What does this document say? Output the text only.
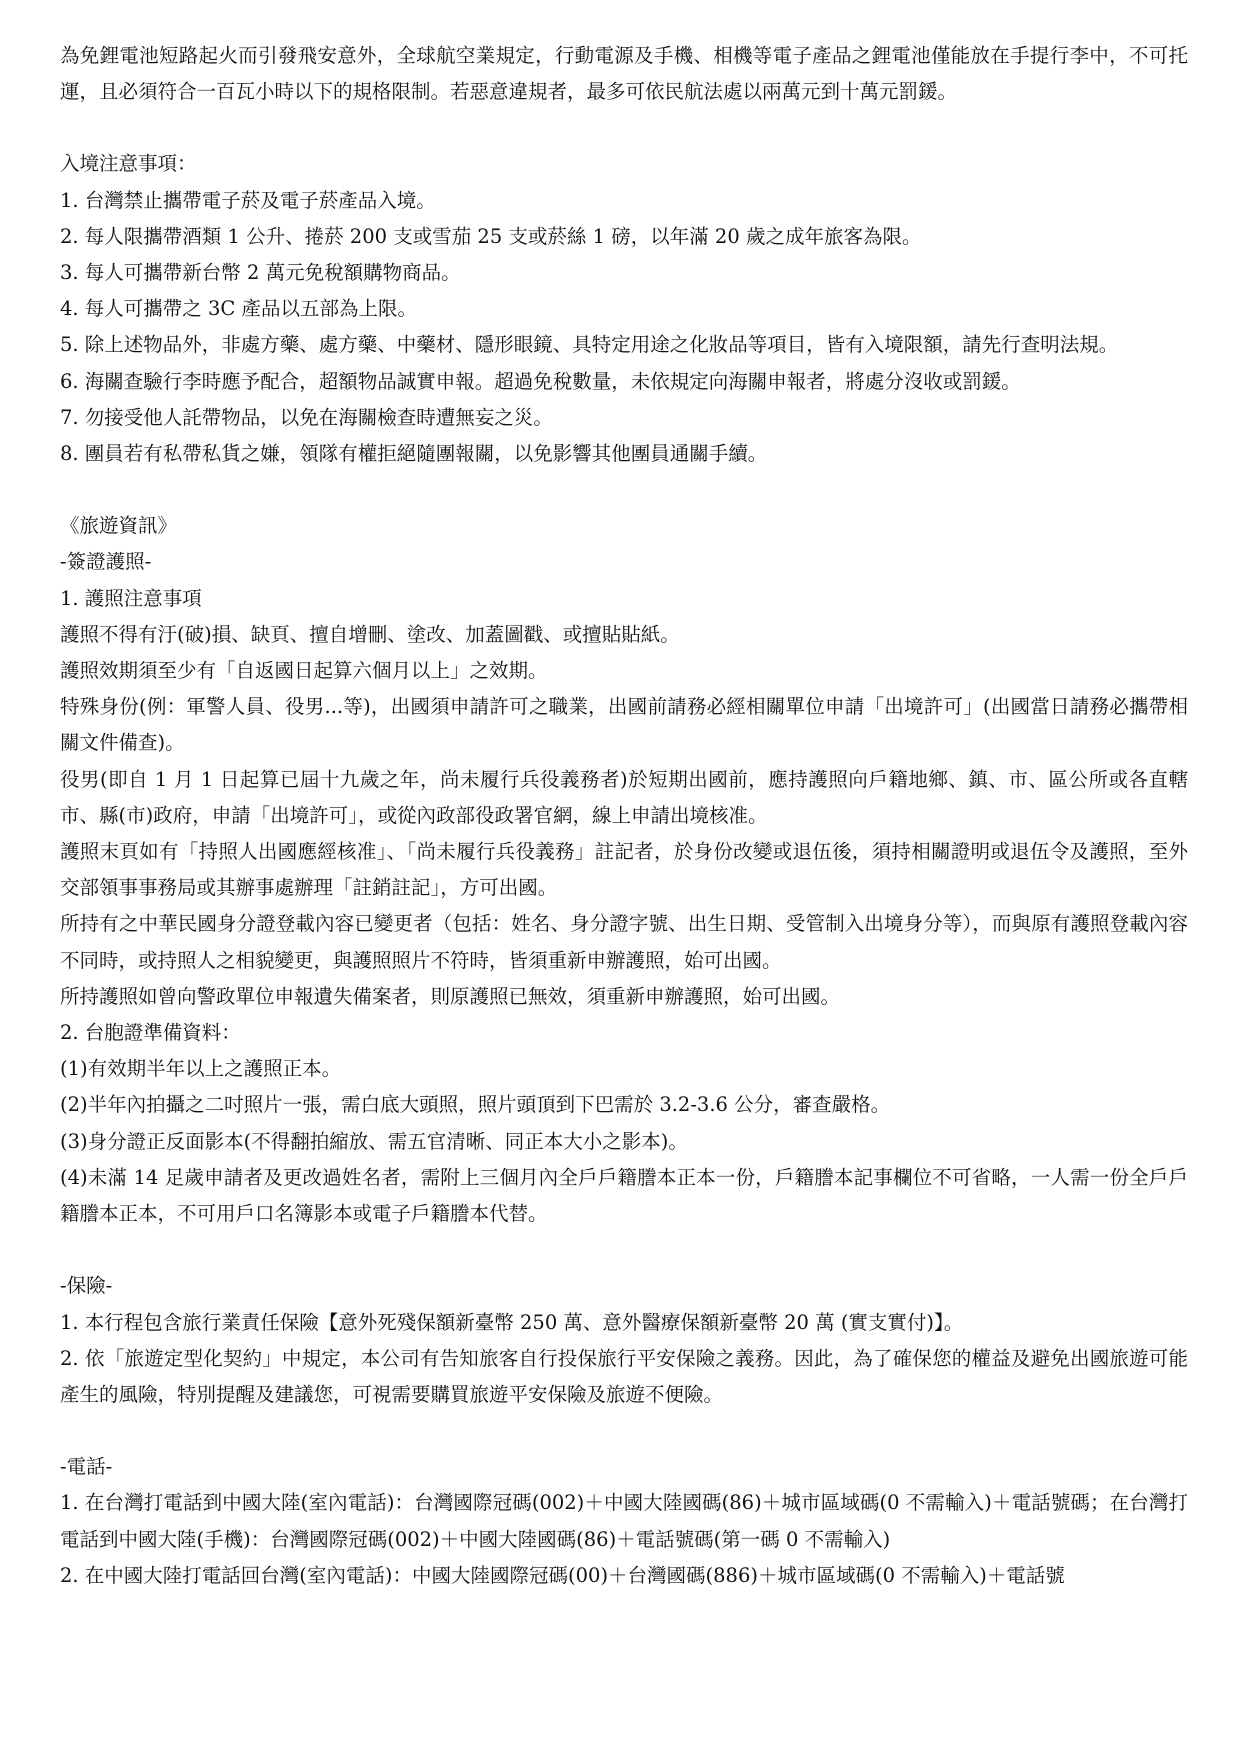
為免鋰電池短路起火而引發飛安意外，全球航空業規定，行動電源及手機、相機等電子產品之鋰電池僅能放在手提行李中，不可托運，且必須符合一百瓦小時以下的規格限制。若惡意違規者，最多可依民航法處以兩萬元到十萬元罰鍰。
入境注意事項：
1. 台灣禁止攜帶電子菸及電子菸產品入境。
2. 每人限攜帶酒類 1 公升、捲菸 200 支或雪茄 25 支或菸絲 1 磅，以年滿 20 歲之成年旅客為限。
3. 每人可攜帶新台幣 2 萬元免稅額購物商品。
4. 每人可攜帶之 3C 產品以五部為上限。
5. 除上述物品外，非處方藥、處方藥、中藥材、隱形眼鏡、具特定用途之化妝品等項目，皆有入境限額，請先行查明法規。
6. 海關查驗行李時應予配合，超額物品誠實申報。超過免稅數量，未依規定向海關申報者，將處分沒收或罰鍰。
7. 勿接受他人託帶物品，以免在海關檢查時遭無妄之災。
8. 團員若有私帶私貨之嫌，領隊有權拒絕隨團報關，以免影響其他團員通關手續。
《旅遊資訊》
-簽證護照-
1. 護照注意事項
護照不得有汙(破)損、缺頁、擅自增刪、塗改、加蓋圖戳、或擅貼貼紙。
護照效期須至少有「自返國日起算六個月以上」之效期。
特殊身份(例：軍警人員、役男...等)，出國須申請許可之職業，出國前請務必經相關單位申請「出境許可」(出國當日請務必攜帶相關文件備查)。
役男(即自 1 月 1 日起算已屆十九歲之年，尚未履行兵役義務者)於短期出國前，應持護照向戶籍地鄉、鎮、市、區公所或各直轄市、縣(市)政府，申請「出境許可」，或從內政部役政署官網，線上申請出境核准。
護照末頁如有「持照人出國應經核准」、「尚未履行兵役義務」註記者，於身份改變或退伍後，須持相關證明或退伍令及護照，至外交部領事事務局或其辦事處辦理「註銷註記」，方可出國。
所持有之中華民國身分證登載內容已變更者（包括：姓名、身分證字號、出生日期、受管制入出境身分等），而與原有護照登載內容不同時，或持照人之相貌變更，與護照照片不符時，皆須重新申辦護照，始可出國。
所持護照如曾向警政單位申報遺失備案者，則原護照已無效，須重新申辦護照，始可出國。
2. 台胞證準備資料：
(1)有效期半年以上之護照正本。
(2)半年內拍攝之二吋照片一張，需白底大頭照，照片頭頂到下巴需於 3.2-3.6 公分，審查嚴格。
(3)身分證正反面影本(不得翻拍縮放、需五官清晰、同正本大小之影本)。
(4)未滿 14 足歲申請者及更改過姓名者，需附上三個月內全戶戶籍謄本正本一份，戶籍謄本記事欄位不可省略，一人需一份全戶戶籍謄本正本，不可用戶口名簿影本或電子戶籍謄本代替。
-保險-
1. 本行程包含旅行業責任保險【意外死殘保額新臺幣 250 萬、意外醫療保額新臺幣 20 萬 (實支實付)】。
2. 依「旅遊定型化契約」中規定，本公司有告知旅客自行投保旅行平安保險之義務。因此，為了確保您的權益及避免出國旅遊可能產生的風險，特別提醒及建議您，可視需要購買旅遊平安保險及旅遊不便險。
-電話-
1. 在台灣打電話到中國大陸(室內電話)：台灣國際冠碼(002)＋中國大陸國碼(86)＋城市區域碼(0 不需輸入)＋電話號碼；在台灣打電話到中國大陸(手機)：台灣國際冠碼(002)＋中國大陸國碼(86)＋電話號碼(第一碼 0 不需輸入)
2. 在中國大陸打電話回台灣(室內電話)：中國大陸國際冠碼(00)＋台灣國碼(886)＋城市區域碼(0 不需輸入)＋電話號
